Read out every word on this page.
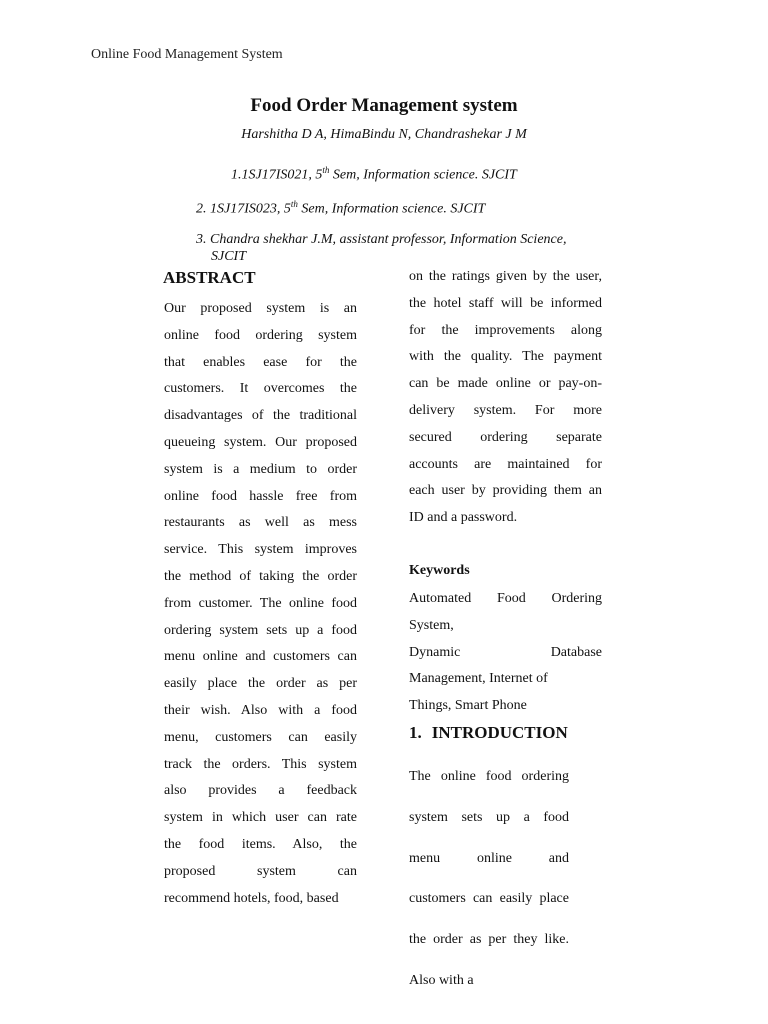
Online Food Management System
Food Order Management system
Harshitha D A, HimaBindu N, Chandrashekar J M
1.1SJ17IS021, 5th Sem, Information science. SJCIT
2. 1SJ17IS023, 5th Sem, Information science. SJCIT
3. Chandra shekhar J.M, assistant professor, Information Science,
SJCIT
ABSTRACT

Our proposed system is an

online food ordering system

that enables ease for the

customers. It overcomes the

disadvantages of the traditional

queueing system. Our proposed

system is a medium to order

online food hassle free from

restaurants as well as mess

service. This system improves

the method of taking the order

from customer. The online food

ordering system sets up a food

menu online and customers can

easily place the order as per

their wish. Also with a food

menu, customers can easily

track the orders. This system

also provides a feedback

system in which user can rate

the food items. Also, the

proposed system can

recommend hotels, food, based

on the ratings given by the user,

the hotel staff will be informed

for the improvements along

with the quality. The payment

can be made online or pay-on-

delivery system. For more

secured ordering separate

accounts are maintained for

each user by providing them an

ID and a password.

Keywords
Automated Food Ordering
System,
Dynamic Database
Management, Internet of
Things, Smart Phone
1. INTRODUCTION

The online food ordering

system sets up a food

menu online and

customers can easily place

the order as per they like.

Also with a
